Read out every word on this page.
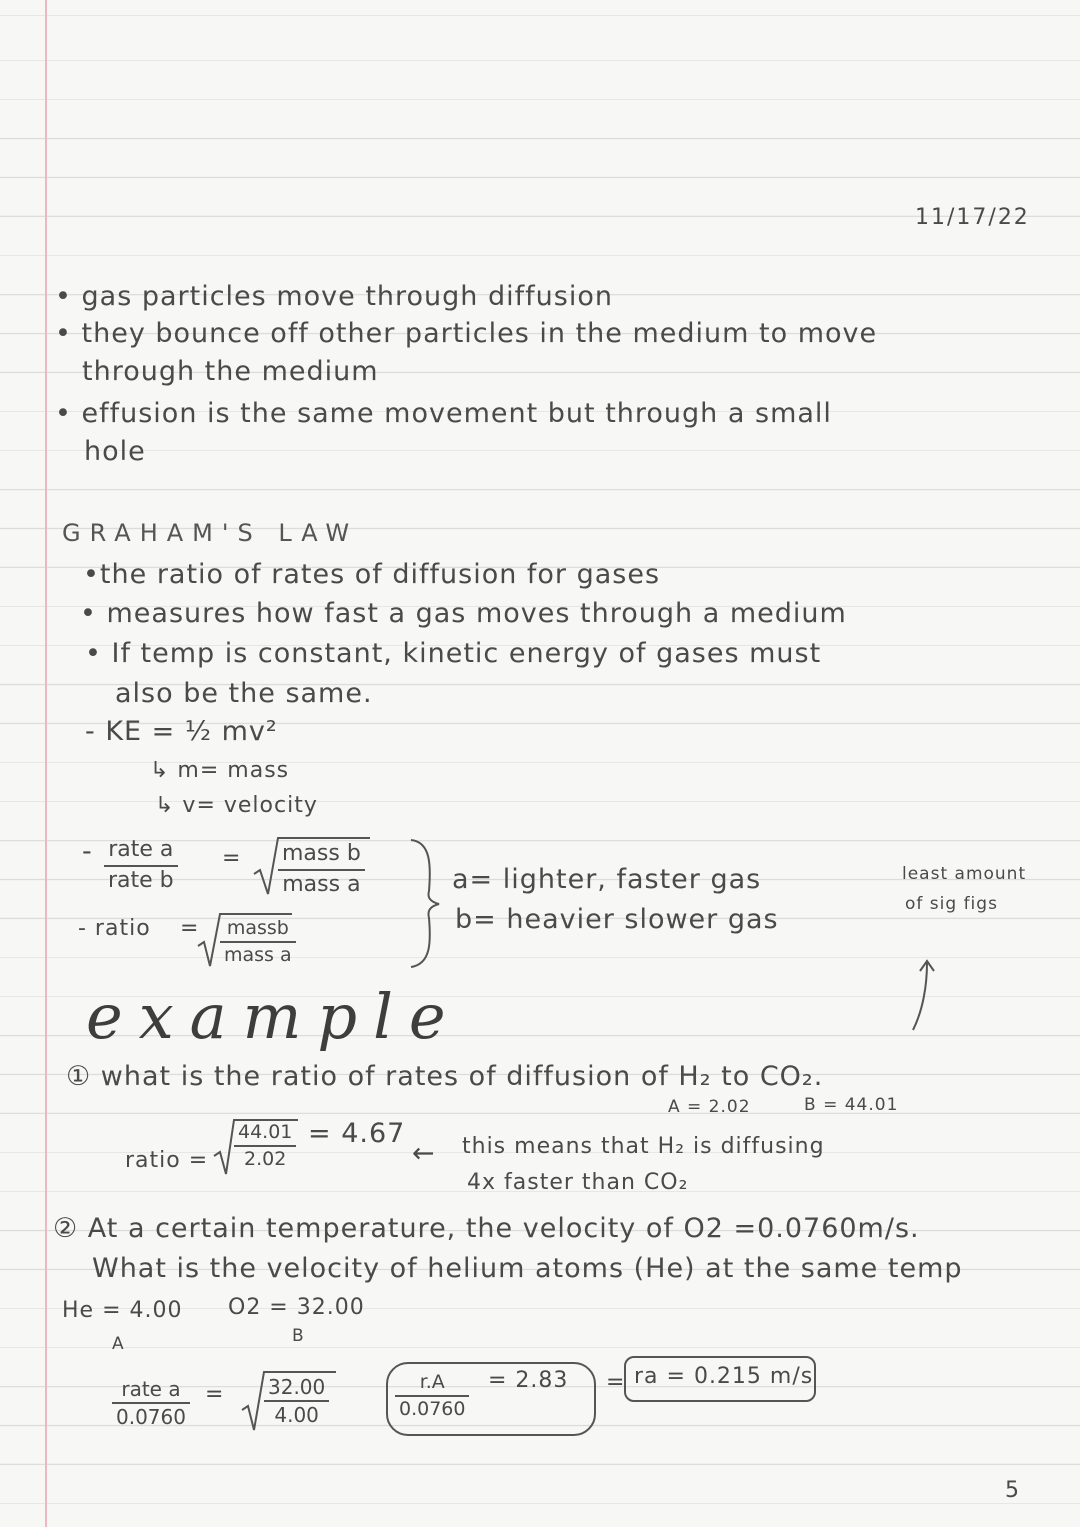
11/17/22
• gas particles move through diffusion
• they bounce off other particles in the medium to move
through the medium
• effusion is the same movement but through a small
hole
GRAHAM'S LAW
•the ratio of rates of diffusion for gases
• measures how fast a gas moves through a medium
• If temp is constant, kinetic energy of gases must
also be the same.
- KE = ½ mv²
↳ m= mass
↳ v= velocity
- rate a
rate b
= mass b
mass a
- ratio =	massb
mass a
a= lighter, faster gas
b= heavier slower gas
least amount
of sig figs
example
① what is the ratio of rates of diffusion of H₂ to CO₂.
A = 2.02	B = 44.01
ratio = $\frac{44.01}{2.02} = 4.67$
← this means that H₂ is diffusing
4x faster than CO₂
② At a certain temperature, the velocity of O2 =0.0760m/s.
What is the velocity of helium atoms (He) at the same temp
He = 4.00 O2 = 32.00
A	B
rate a
0.0760
= $\frac{32.00}{4.00}$	$\frac{r.A}{0.0760} = 2.83$ = ra = 0.215 m/s
5
